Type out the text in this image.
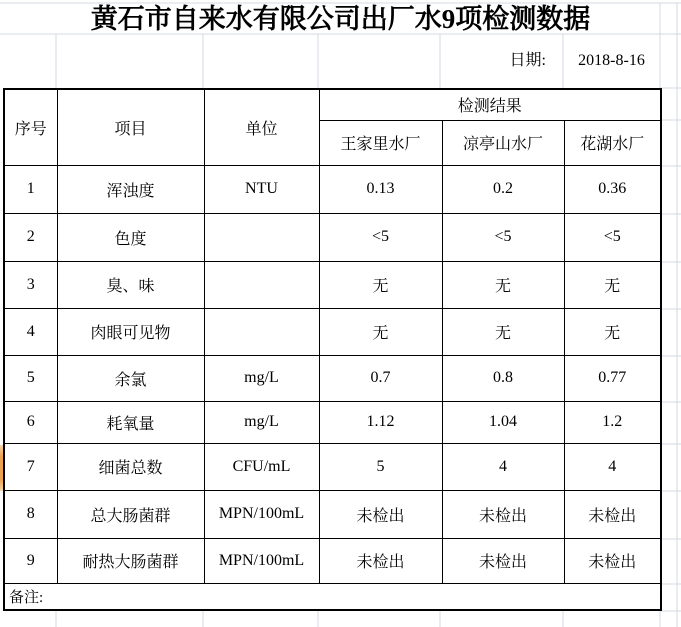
黄石市自来水有限公司出厂水9项检测数据
日期:	2018-8-16
序号	项目	单位	检测结果		
			王家里水厂	凉亭山水厂	花湖水厂
1	浑浊度	NTU	0.13	0.2	0.36
2	色度		<5	<5	<5
3	臭、味		无	无	无
4	肉眼可见物		无	无	无
5	余氯	mg/L	0.7	0.8	0.77
6	耗氧量	mg/L	1.12	1.04	1.2
7	细菌总数	CFU/mL	5	4	4
8	总大肠菌群	MPN/100mL	未检出	未检出	未检出
9	耐热大肠菌群	MPN/100mL	未检出	未检出	未检出
备注:					
